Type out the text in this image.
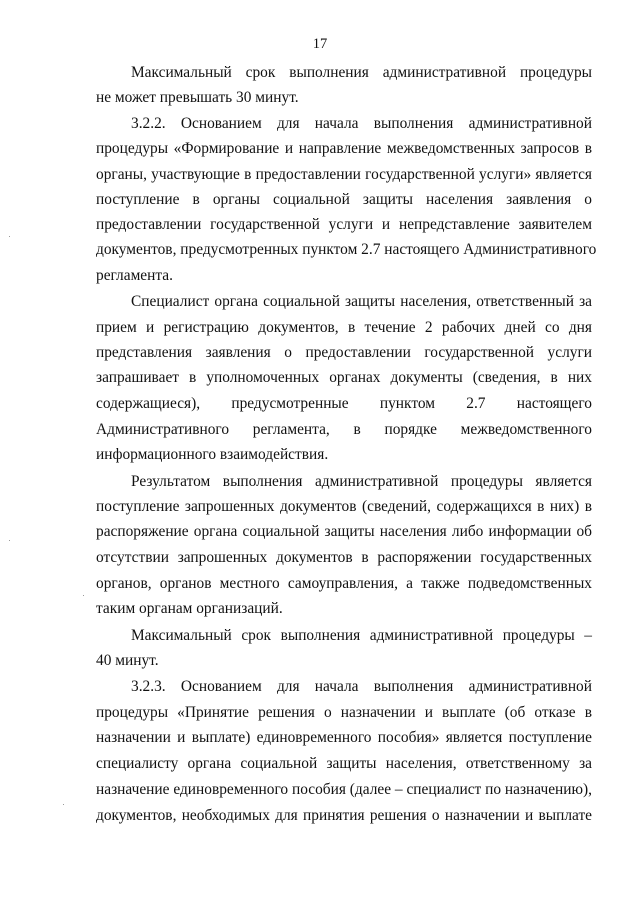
17
Максимальный срок выполнения административной процедуры
не может превышать 30 минут.
3.2.2. Основанием для начала выполнения административной
процедуры «Формирование и направление межведомственных запросов в
органы, участвующие в предоставлении государственной услуги» является
поступление в органы социальной защиты населения заявления о
предоставлении государственной услуги и непредставление заявителем
документов, предусмотренных пунктом 2.7 настоящего Административного
регламента.
Специалист органа социальной защиты населения, ответственный за
прием и регистрацию документов, в течение 2 рабочих дней со дня
представления заявления о предоставлении государственной услуги
запрашивает в уполномоченных органах документы (сведения, в них
содержащиеся), предусмотренные пунктом 2.7 настоящего
Административного регламента, в порядке межведомственного
информационного взаимодействия.
Результатом выполнения административной процедуры является
поступление запрошенных документов (сведений, содержащихся в них) в
распоряжение органа социальной защиты населения либо информации об
отсутствии запрошенных документов в распоряжении государственных
органов, органов местного самоуправления, а также подведомственных
таким органам организаций.
Максимальный срок выполнения административной процедуры –
40 минут.
3.2.3. Основанием для начала выполнения административной
процедуры «Принятие решения о назначении и выплате (об отказе в
назначении и выплате) единовременного пособия» является поступление
специалисту органа социальной защиты населения, ответственному за
назначение единовременного пособия (далее – специалист по назначению),
документов, необходимых для принятия решения о назначении и выплате
